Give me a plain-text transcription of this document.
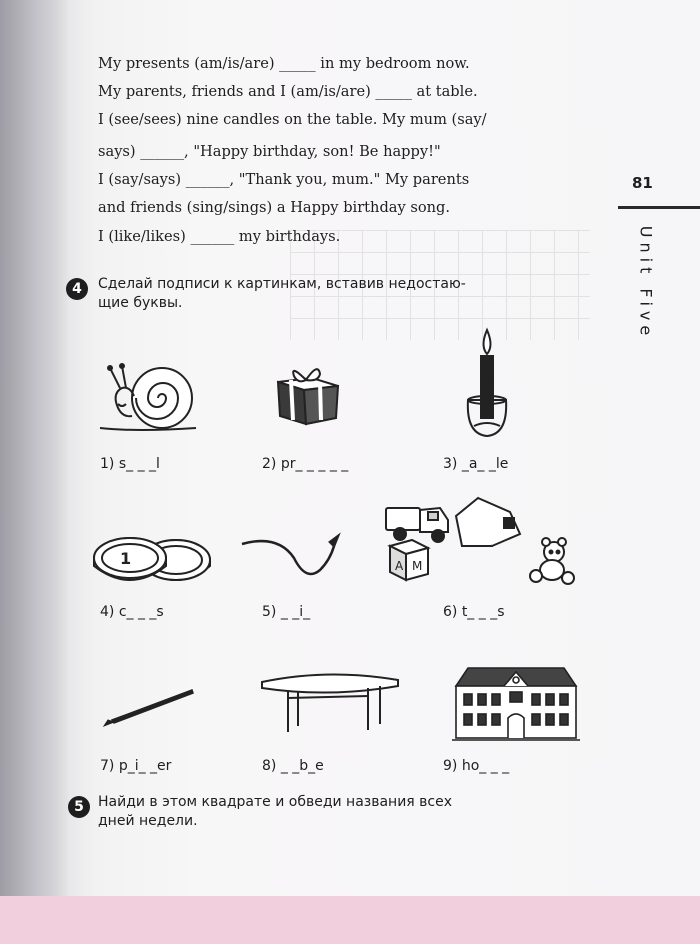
My presents (am/is/are) _____ in my bedroom now.
My parents, friends and I (am/is/are) _____ at table.
I (see/sees) nine candles on the table. My mum (say/
says) ______, "Happy birthday, son! Be happy!"
I (say/says) ______, "Thank you, mum." My parents
and friends (sing/sings) a Happy birthday song.
I (like/likes) ______ my birthdays.
81
Unit Five
4	Сделай подписи к картинкам, вставив недостаю-
щие буквы.
1) s_ _ _l	2) pr_ _ _ _ _	3) _a_ _le
1	A M
4) c_ _ _s	5) _ _i_	6) t_ _ _s
7) p_i_ _er	8) _ _b_e	9) ho_ _ _
5	Найди в этом квадрате и обведи названия всех
дней недели.
